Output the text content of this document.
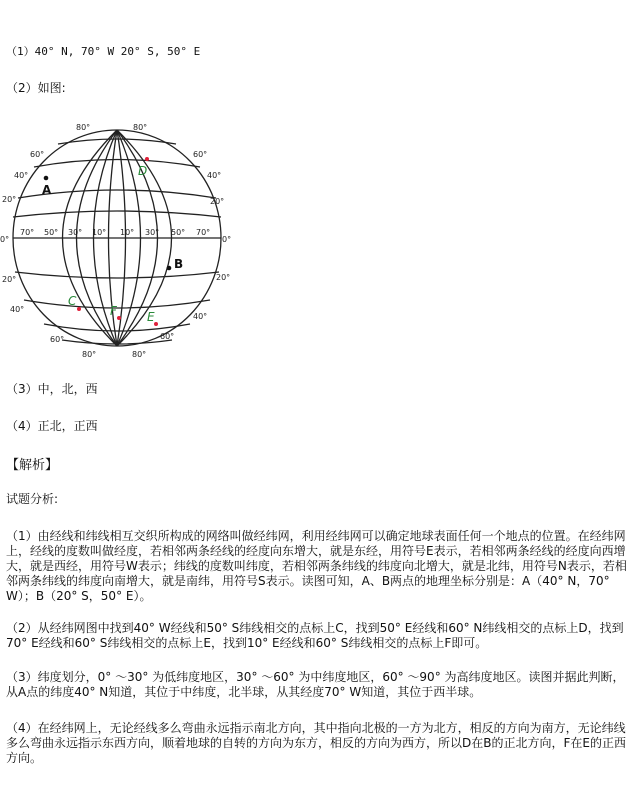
（1）40° N, 70° W 20° S, 50° E
（2）如图:
80°	80°
60°	60°
40°	40°
20°	20°
0°	0°
20°	20°
40°
40°
60°	60°
80°	80°
70° 50° 30° 10° 10° 30° 50° 70°
A
B
D
C
F	E
（3）中，北，西
（4）正北，正西
【解析】
试题分析:
（1）由经线和纬线相互交织所构成的网络叫做经纬网，利用经纬网可以确定地球表面任何一个地点的位置。在经纬网上，经线的度数叫做经度，若相邻两条经线的经度向东增大，就是东经，用符号E表示，若相邻两条经线的经度向西增大，就是西经，用符号W表示；纬线的度数叫纬度，若相邻两条纬线的纬度向北增大，就是北纬，用符号N表示，若相邻两条纬线的纬度向南增大，就是南纬，用符号S表示。读图可知，A、B两点的地理坐标分别是：A（40° N，70° W）；B（20° S，50° E）。
（2）从经纬网图中找到40° W经线和50° S纬线相交的点标上C，找到50° E经线和60° N纬线相交的点标上D，找到70° E经线和60° S纬线相交的点标上E，找到10° E经线和60° S纬线相交的点标上F即可。
（3）纬度划分，0° ～30° 为低纬度地区，30° ～60° 为中纬度地区，60° ～90° 为高纬度地区。读图并据此判断，从A点的纬度40° N知道，其位于中纬度，北半球，从其经度70° W知道，其位于西半球。
（4）在经纬网上，无论经线多么弯曲永远指示南北方向，其中指向北极的一方为北方，相反的方向为南方，无论纬线多么弯曲永远指示东西方向，顺着地球的自转的方向为东方，相反的方向为西方，所以D在B的正北方向，F在E的正西方向。
